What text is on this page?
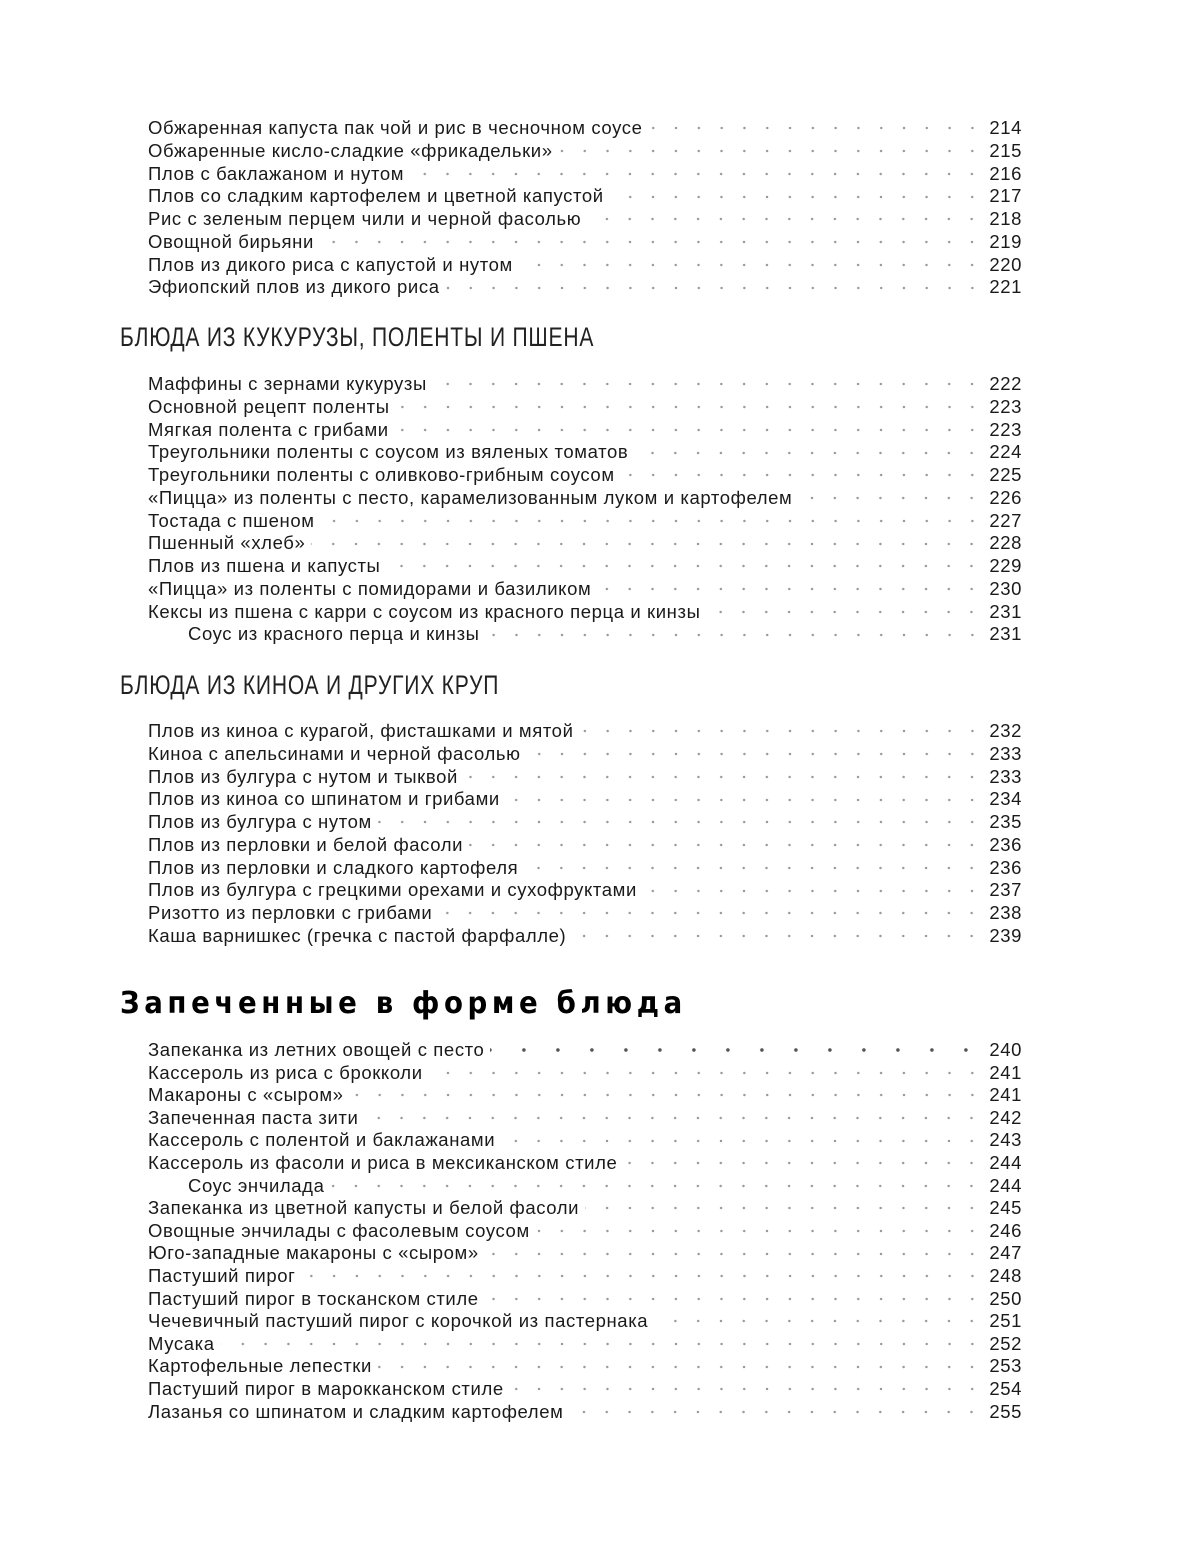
Обжаренная капуста пак чой и рис в чесночном соусе	214
Обжаренные кисло-сладкие «фрикадельки»	215
Плов с баклажаном и нутом	216
Плов со сладким картофелем и цветной капустой	217
Рис с зеленым перцем чили и черной фасолью	218
Овощной бирьяни	219
Плов из дикого риса с капустой и нутом	220
Эфиопский плов из дикого риса	221
БЛЮДА ИЗ КУКУРУЗЫ, ПОЛЕНТЫ И ПШЕНА
Маффины с зернами кукурузы	222
Основной рецепт поленты	223
Мягкая полента с грибами	223
Треугольники поленты с соусом из вяленых томатов	224
Треугольники поленты с оливково-грибным соусом	225
«Пицца» из поленты с песто, карамелизованным луком и картофелем	226
Тостада с пшеном	227
Пшенный «хлеб»	228
Плов из пшена и капусты	229
«Пицца» из поленты с помидорами и базиликом	230
Кексы из пшена с карри с соусом из красного перца и кинзы	231
Соус из красного перца и кинзы	231
БЛЮДА ИЗ КИНОА И ДРУГИХ КРУП
Плов из киноа с курагой, фисташками и мятой	232
Киноа с апельсинами и черной фасолью	233
Плов из булгура с нутом и тыквой	233
Плов из киноа со шпинатом и грибами	234
Плов из булгура с нутом	235
Плов из перловки и белой фасоли	236
Плов из перловки и сладкого картофеля	236
Плов из булгура с грецкими орехами и сухофруктами	237
Ризотто из перловки с грибами	238
Каша варнишкес (гречка с пастой фарфалле)	239
Запеченные в форме блюда
Запеканка из летних овощей с песто	240
Кассероль из риса с брокколи	241
Макароны с «сыром»	241
Запеченная паста зити	242
Кассероль с полентой и баклажанами	243
Кассероль из фасоли и риса в мексиканском стиле	244
Соус энчилада	244
Запеканка из цветной капусты и белой фасоли	245
Овощные энчилады с фасолевым соусом	246
Юго-западные макароны с «сыром»	247
Пастуший пирог	248
Пастуший пирог в тосканском стиле	250
Чечевичный пастуший пирог с корочкой из пастернака	251
Мусака	252
Картофельные лепестки	253
Пастуший пирог в марокканском стиле	254
Лазанья со шпинатом и сладким картофелем	255
